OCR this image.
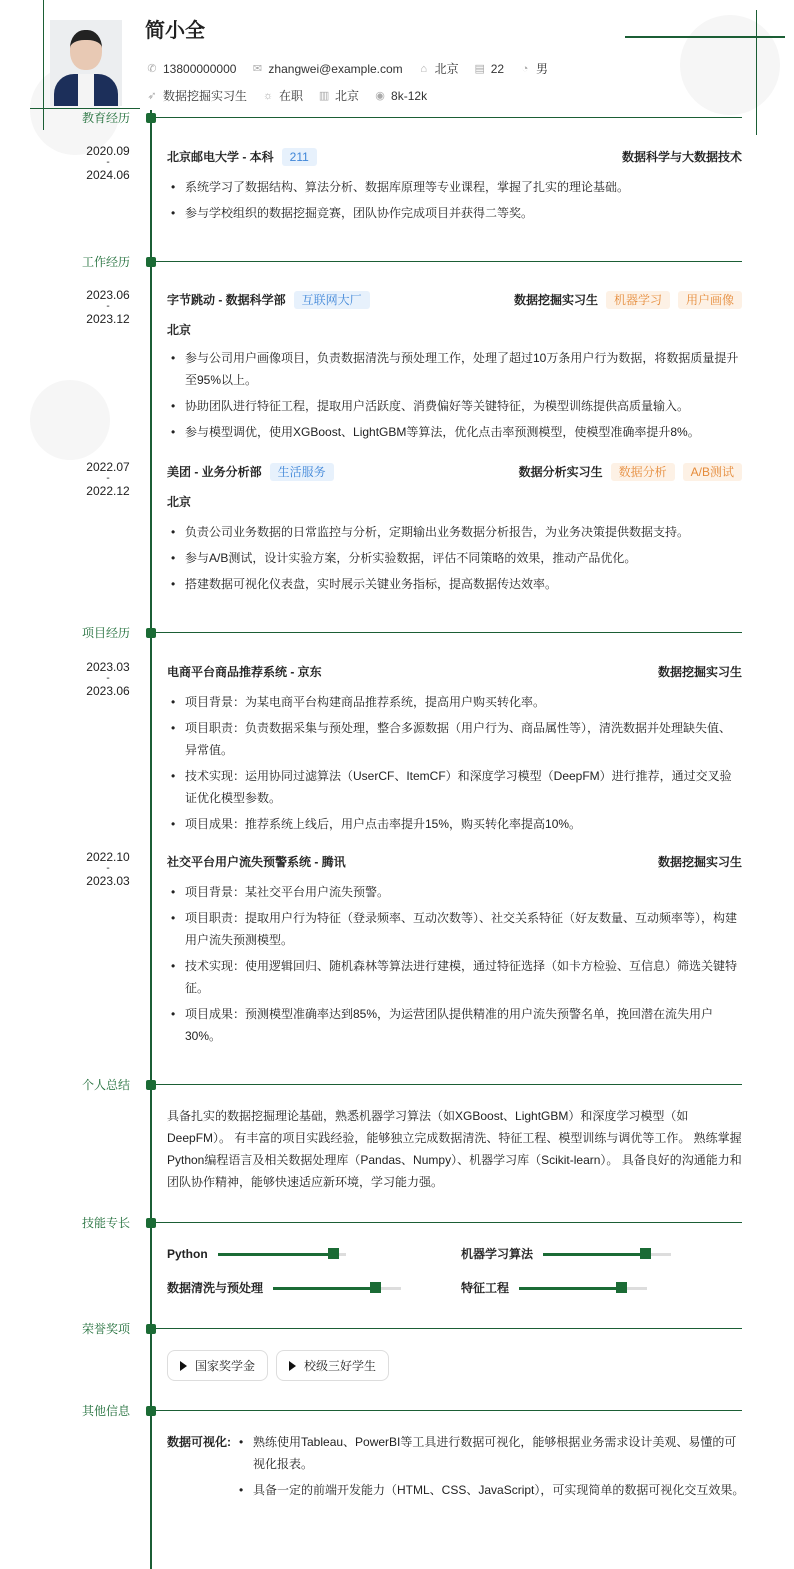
简小全
✆ 13800000000 ✉ zhangwei@example.com	⌂ 北京 ▤ 22	◔ 男
➶ 数据挖掘实习生 ☼ 在职 ▥ 北京 ◉ 8k-12k
教育经历
2020.09
-
2024.06
北京邮电大学 - 本科	211	数据科学与大数据技术
• 系统学习了数据结构、算法分析、数据库原理等专业课程，掌握了扎实的理论基础。
• 参与学校组织的数据挖掘竞赛，团队协作完成项目并获得二等奖。
工作经历
2023.06
-
2023.12
字节跳动 - 数据科学部	互联网大厂	数据挖掘实习生	机器学习	用户画像
北京
• 参与公司用户画像项目，负责数据清洗与预处理工作，处理了超过10万条用户行为数据，将数据质量提升至95%以上。
• 协助团队进行特征工程，提取用户活跃度、消费偏好等关键特征，为模型训练提供高质量输入。
• 参与模型调优，使用XGBoost、LightGBM等算法，优化点击率预测模型，使模型准确率提升8%。
2022.07
-
2022.12
美团 - 业务分析部	生活服务	数据分析实习生	数据分析	A/B测试
北京
• 负责公司业务数据的日常监控与分析，定期输出业务数据分析报告，为业务决策提供数据支持。
• 参与A/B测试，设计实验方案，分析实验数据，评估不同策略的效果，推动产品优化。
• 搭建数据可视化仪表盘，实时展示关键业务指标，提高数据传达效率。
项目经历
2023.03
-
2023.06
电商平台商品推荐系统 - 京东	数据挖掘实习生
• 项目背景：为某电商平台构建商品推荐系统，提高用户购买转化率。
• 项目职责：负责数据采集与预处理，整合多源数据（用户行为、商品属性等），清洗数据并处理缺失值、异常值。
• 技术实现：运用协同过滤算法（UserCF、ItemCF）和深度学习模型（DeepFM）进行推荐，通过交叉验证优化模型参数。
• 项目成果：推荐系统上线后，用户点击率提升15%，购买转化率提高10%。
2022.10
-
2023.03
社交平台用户流失预警系统 - 腾讯	数据挖掘实习生
• 项目背景：某社交平台用户流失预警。
• 项目职责：提取用户行为特征（登录频率、互动次数等）、社交关系特征（好友数量、互动频率等），构建用户流失预测模型。
• 技术实现：使用逻辑回归、随机森林等算法进行建模，通过特征选择（如卡方检验、互信息）筛选关键特征。
• 项目成果：预测模型准确率达到85%，为运营团队提供精准的用户流失预警名单，挽回潜在流失用户30%。
个人总结
具备扎实的数据挖掘理论基础，熟悉机器学习算法（如XGBoost、LightGBM）和深度学习模型（如DeepFM）。 有丰富的项目实践经验，能够独立完成数据清洗、特征工程、模型训练与调优等工作。 熟练掌握Python编程语言及相关数据处理库（Pandas、Numpy）、机器学习库（Scikit-learn）。 具备良好的沟通能力和团队协作精神，能够快速适应新环境，学习能力强。
技能专长
Python	机器学习算法
数据清洗与预处理	特征工程
荣誉奖项
国家奖学金	校级三好学生
其他信息
数据可视化:	• 熟练使用Tableau、PowerBI等工具进行数据可视化，能够根据业务需求设计美观、易懂的可视化报表。
• 具备一定的前端开发能力（HTML、CSS、JavaScript），可实现简单的数据可视化交互效果。
